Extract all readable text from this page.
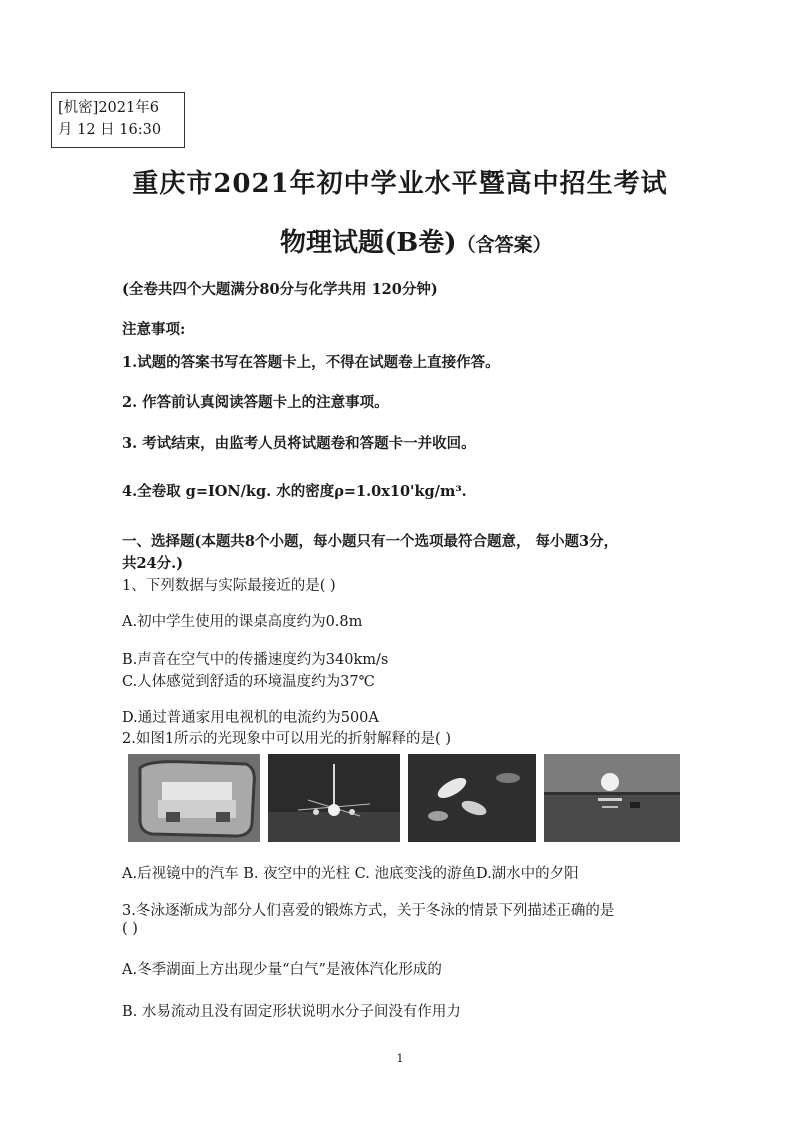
[机密]2021年6
月 12 日 16:30
重庆市2021年初中学业水平暨高中招生考试
物理试题(B卷)（含答案）
(全卷共四个大题满分80分与化学共用 120分钟)
注意事项:
1.试题的答案书写在答题卡上，不得在试题卷上直接作答。
2. 作答前认真阅读答题卡上的注意事项。
3. 考试结束，由监考人员将试题卷和答题卡一并收回。
4.全卷取 g=ION/kg. 水的密度ρ=1.0x10'kg/m³.
一、选择题(本题共8个小题，每小题只有一个选项最符合题意， 每小题3分，
共24分.)
1、下列数据与实际最接近的是( )
A.初中学生使用的课桌高度约为0.8m
B.声音在空气中的传播速度约为340km/s
C.人体感觉到舒适的环境温度约为37℃
D.通过普通家用电视机的电流约为500A
2.如图1所示的光现象中可以用光的折射解释的是( )
A.后视镜中的汽车 B. 夜空中的光柱 C. 池底变浅的游鱼D.湖水中的夕阳
3.冬泳逐渐成为部分人们喜爱的锻炼方式，关于冬泳的情景下列描述正确的是
( )
A.冬季湖面上方出现少量“白气”是液体汽化形成的
B. 水易流动且没有固定形状说明水分子间没有作用力
1
